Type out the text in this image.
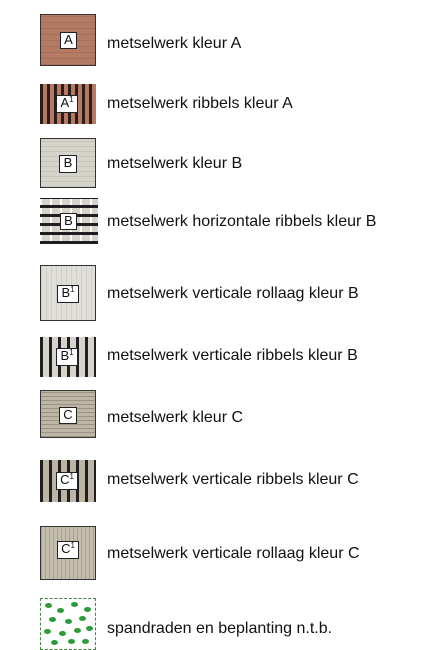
A metselwerk kleur A
$A^1$ metselwerk ribbels kleur A
B metselwerk kleur B
B metselwerk horizontale ribbels kleur B
$B^1$ metselwerk verticale rollaag kleur B
$B^1$ metselwerk verticale ribbels kleur B
C metselwerk kleur C
$C^1$ metselwerk verticale ribbels kleur C
$C^1$ metselwerk verticale rollaag kleur C
spandraden en beplanting n.t.b.
